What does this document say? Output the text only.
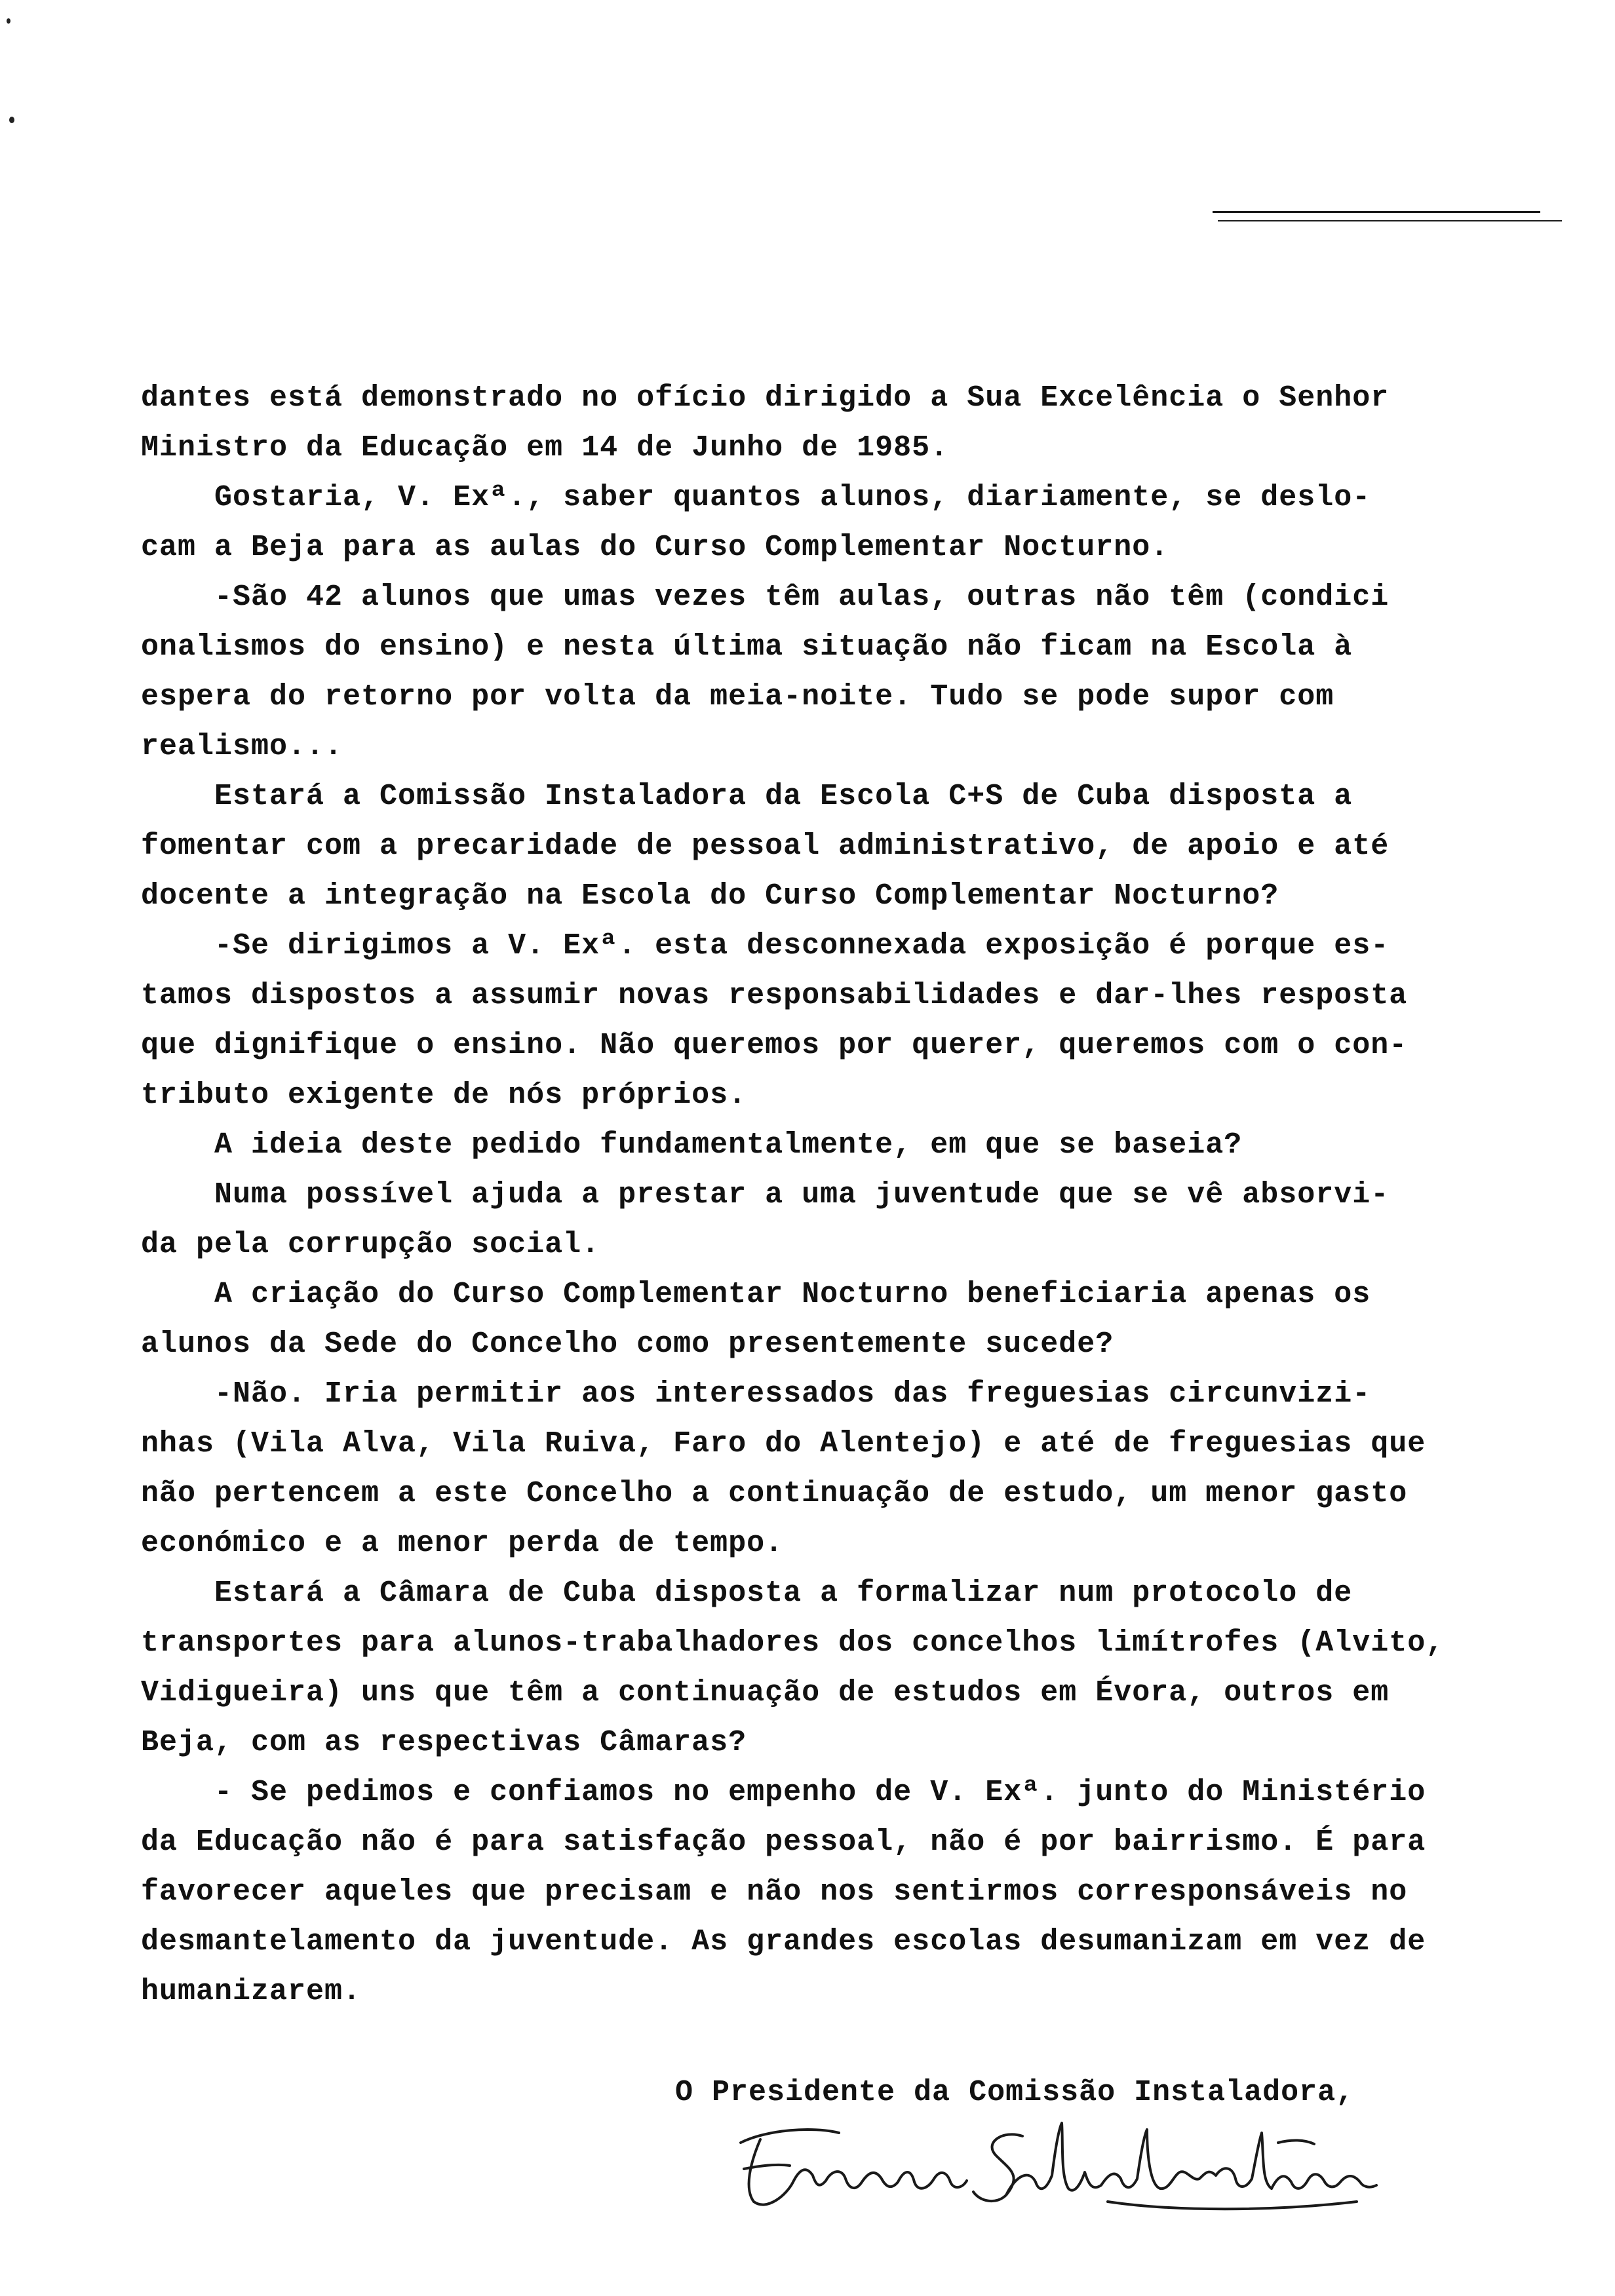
dantes está demonstrado no ofício dirigido a Sua Excelência o Senhor
Ministro da Educação em 14 de Junho de 1985.
Gostaria, V. Exª., saber quantos alunos, diariamente, se deslo-
cam a Beja para as aulas do Curso Complementar Nocturno.
-São 42 alunos que umas vezes têm aulas, outras não têm (condici
onalismos do ensino) e nesta última situação não ficam na Escola à
espera do retorno por volta da meia-noite. Tudo se pode supor com
realismo...
Estará a Comissão Instaladora da Escola C+S de Cuba disposta a
fomentar com a precaridade de pessoal administrativo, de apoio e até
docente a integração na Escola do Curso Complementar Nocturno?
-Se dirigimos a V. Exª. esta desconnexada exposição é porque es-
tamos dispostos a assumir novas responsabilidades e dar-lhes resposta
que dignifique o ensino. Não queremos por querer, queremos com o con-
tributo exigente de nós próprios.
A ideia deste pedido fundamentalmente, em que se baseia?
Numa possível ajuda a prestar a uma juventude que se vê absorvi-
da pela corrupção social.
A criação do Curso Complementar Nocturno beneficiaria apenas os
alunos da Sede do Concelho como presentemente sucede?
-Não. Iria permitir aos interessados das freguesias circunvizi-
nhas (Vila Alva, Vila Ruiva, Faro do Alentejo) e até de freguesias que
não pertencem a este Concelho a continuação de estudo, um menor gasto
económico e a menor perda de tempo.
Estará a Câmara de Cuba disposta a formalizar num protocolo de
transportes para alunos-trabalhadores dos concelhos limítrofes (Alvito,
Vidigueira) uns que têm a continuação de estudos em Évora, outros em
Beja, com as respectivas Câmaras?
- Se pedimos e confiamos no empenho de V. Exª. junto do Ministério
da Educação não é para satisfação pessoal, não é por bairrismo. É para
favorecer aqueles que precisam e não nos sentirmos corresponsáveis no
desmantelamento da juventude. As grandes escolas desumanizam em vez de
humanizarem.
O Presidente da Comissão Instaladora,
